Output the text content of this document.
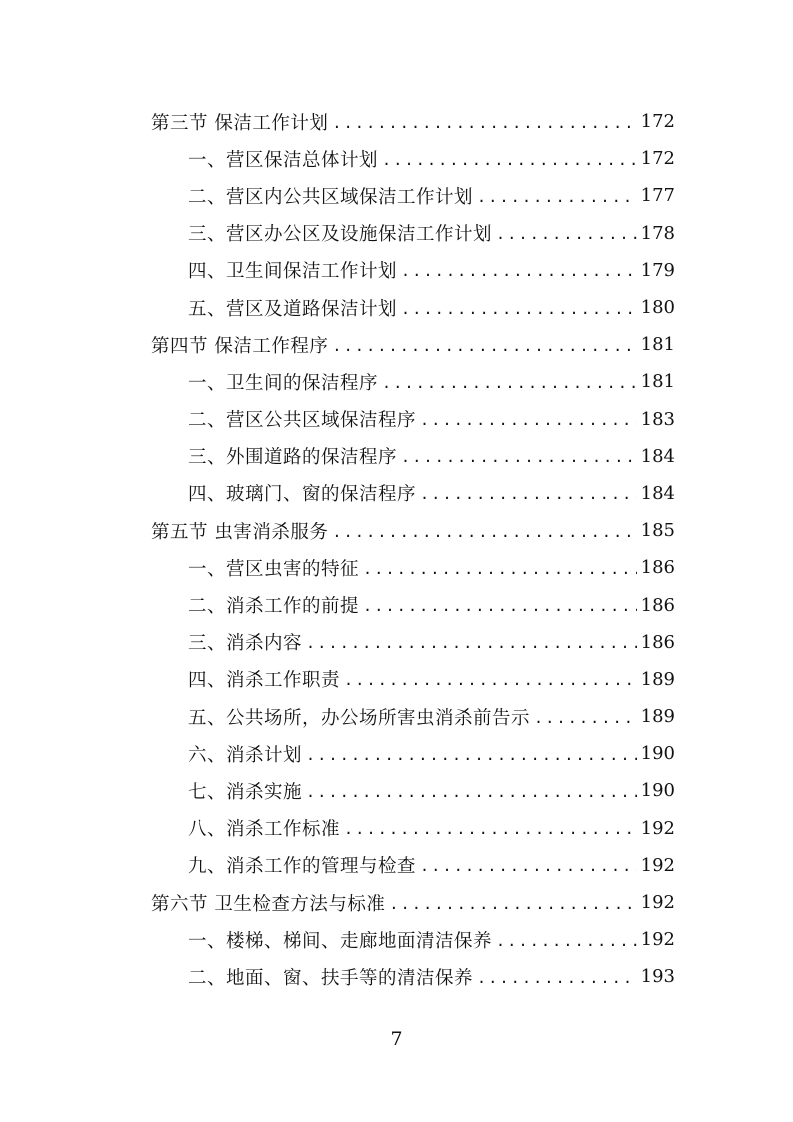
第三节 保洁工作计划 .....	172
一、营区保洁总体计划 .....	172
二、营区内公共区域保洁工作计划 .....	177
三、营区办公区及设施保洁工作计划 .....	178
四、卫生间保洁工作计划 .....	179
五、营区及道路保洁计划 .....	180
第四节 保洁工作程序 .....	181
一、卫生间的保洁程序 .....	181
二、营区公共区域保洁程序 .....	183
三、外围道路的保洁程序 .....	184
四、玻璃门、窗的保洁程序 .....	184
第五节 虫害消杀服务 .....	185
一、营区虫害的特征 .....	186
二、消杀工作的前提 .....	186
三、消杀内容 .....	186
四、消杀工作职责 .....	189
五、公共场所，办公场所害虫消杀前告示 .....	189
六、消杀计划 .....	190
七、消杀实施 .....	190
八、消杀工作标准 .....	192
九、消杀工作的管理与检查 .....	192
第六节 卫生检查方法与标准 .....	192
一、楼梯、梯间、走廊地面清洁保养 .....	192
二、地面、窗、扶手等的清洁保养 .....	193
7
